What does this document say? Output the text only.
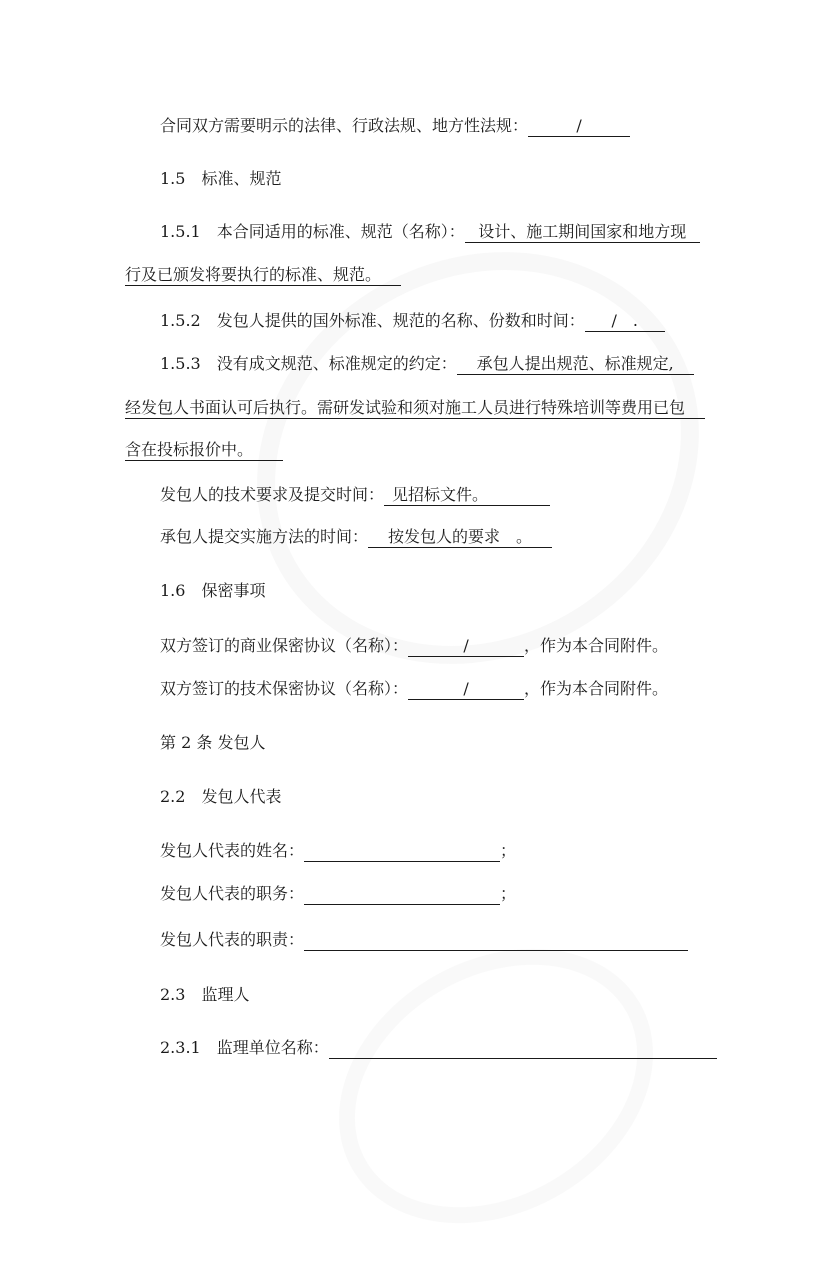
合同双方需要明示的法律、行政法规、地方性法规：	/
1.5　标准、规范
1.5.1　本合同适用的标准、规范（名称）： 设计、施工期间国家和地方现
行及已颁发将要执行的标准、规范。
1.5.2　发包人提供的国外标准、规范的名称、份数和时间： /　.
1.5.3　没有成文规范、标准规定的约定： 承包人提出规范、标准规定,
经发包人书面认可后执行。需研发试验和须对施工人员进行特殊培训等费用已包
含在投标报价中。
发包人的技术要求及提交时间： 见招标文件。
承包人提交实施方法的时间： 按发包人的要求　。
1.6　保密事项
双方签订的商业保密协议（名称）：	/	，作为本合同附件。
双方签订的技术保密协议（名称）：	/	，作为本合同附件。
第 2 条 发包人
2.2　发包人代表
发包人代表的姓名：	；
发包人代表的职务：	；
发包人代表的职责：
2.3　监理人
2.3.1　监理单位名称：
